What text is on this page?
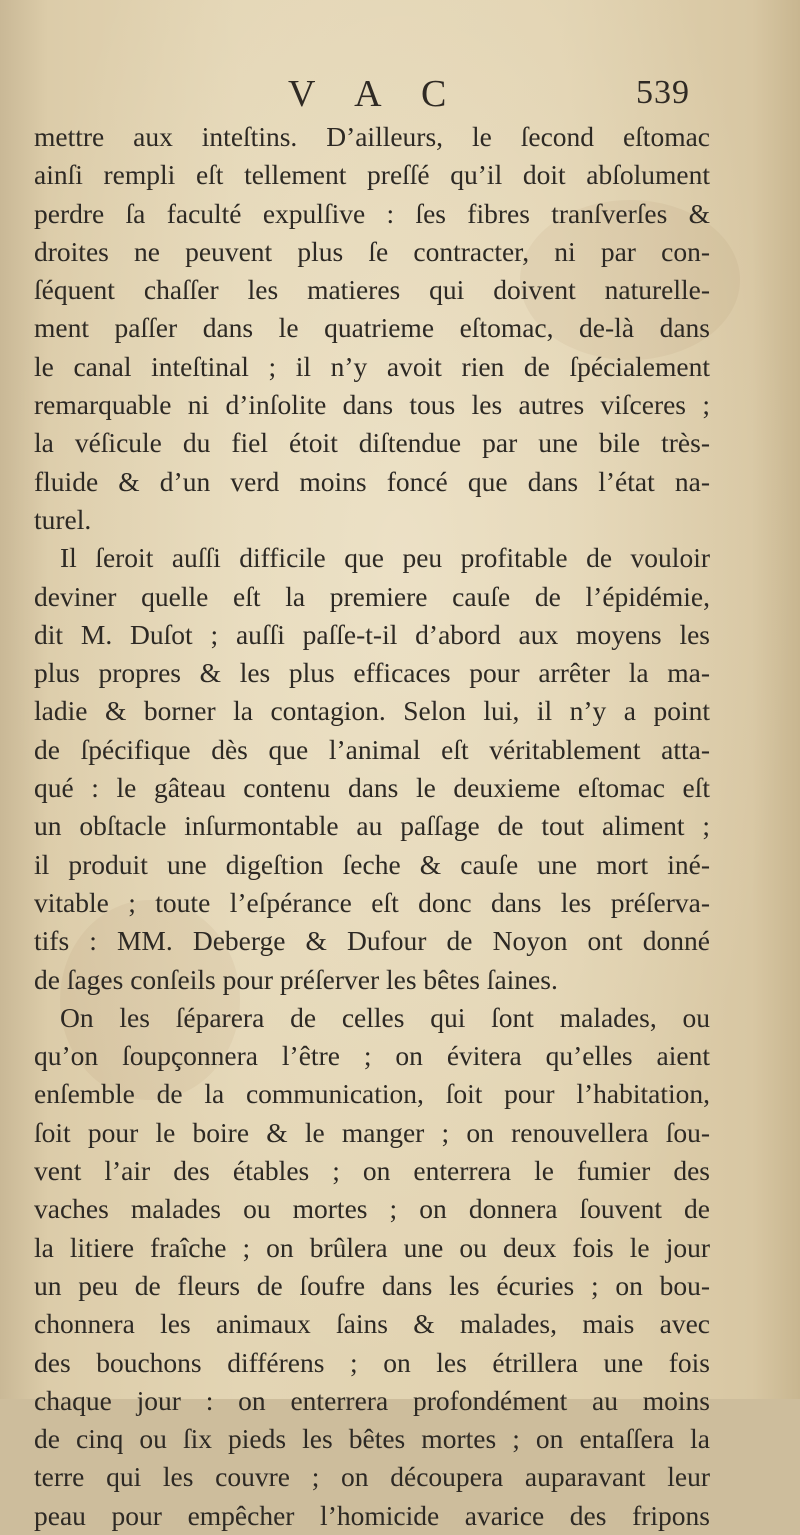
V A C	539
mettre aux inteſtins. D’ailleurs, le ſecond eſtomac
ainſi rempli eſt tellement preſſé qu’il doit abſolument
perdre ſa faculté expulſive : ſes fibres tranſverſes &
droites ne peuvent plus ſe contracter, ni par con-
ſéquent chaſſer les matieres qui doivent naturelle-
ment paſſer dans le quatrieme eſtomac, de-là dans
le canal inteſtinal ; il n’y avoit rien de ſpécialement
remarquable ni d’inſolite dans tous les autres viſceres ;
la véſicule du fiel étoit diſtendue par une bile très-
fluide & d’un verd moins foncé que dans l’état na-
turel.
Il ſeroit auſſi difficile que peu profitable de vouloir
deviner quelle eſt la premiere cauſe de l’épidémie,
dit M. Duſot ; auſſi paſſe-t-il d’abord aux moyens les
plus propres & les plus efficaces pour arrêter la ma-
ladie & borner la contagion. Selon lui, il n’y a point
de ſpécifique dès que l’animal eſt véritablement atta-
qué : le gâteau contenu dans le deuxieme eſtomac eſt
un obſtacle inſurmontable au paſſage de tout aliment ;
il produit une digeſtion ſeche & cauſe une mort iné-
vitable ; toute l’eſpérance eſt donc dans les préſerva-
tifs : MM. Deberge & Dufour de Noyon ont donné
de ſages conſeils pour préſerver les bêtes ſaines.
On les ſéparera de celles qui ſont malades, ou
qu’on ſoupçonnera l’être ; on évitera qu’elles aient
enſemble de la communication, ſoit pour l’habitation,
ſoit pour le boire & le manger ; on renouvellera ſou-
vent l’air des étables ; on enterrera le fumier des
vaches malades ou mortes ; on donnera ſouvent de
la litiere fraîche ; on brûlera une ou deux fois le jour
un peu de fleurs de ſoufre dans les écuries ; on bou-
chonnera les animaux ſains & malades, mais avec
des bouchons différens ; on les étrillera une fois
chaque jour : on enterrera profondément au moins
de cinq ou ſix pieds les bêtes mortes ; on entaſſera la
terre qui les couvre ; on découpera auparavant leur
peau pour empêcher l’homicide avarice des fripons
